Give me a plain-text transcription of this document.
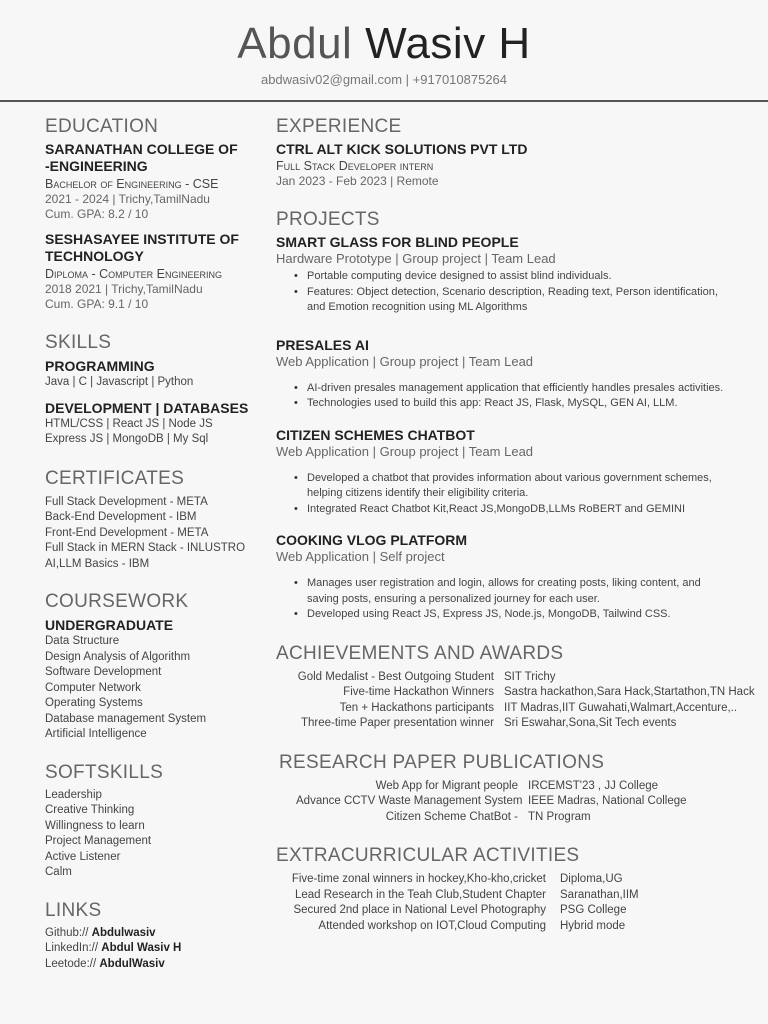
Abdul Wasiv H
abdwasiv02@gmail.com | +917010875264
EDUCATION
SARANATHAN COLLEGE OF
-ENGINEERING
Bachelor of Engineering - CSE
2021 - 2024 | Trichy,TamilNadu
Cum. GPA: 8.2 / 10
SESHASAYEE INSTITUTE OF
TECHNOLOGY
Diploma - Computer Engineering
2018 2021 | Trichy,TamilNadu
Cum. GPA: 9.1 / 10
SKILLS
PROGRAMMING
Java | C | Javascript | Python
DEVELOPMENT | DATABASES
HTML/CSS | React JS | Node JS
Express JS | MongoDB | My Sql
CERTIFICATES
Full Stack Development - META
Back-End Development - IBM
Front-End Development - META
Full Stack in MERN Stack - INLUSTRO
AI,LLM Basics - IBM
COURSEWORK
UNDERGRADUATE
Data Structure
Design Analysis of Algorithm
Software Development
Computer Network
Operating Systems
Database management System
Artificial Intelligence
SOFTSKILLS
Leadership
Creative Thinking
Willingness to learn
Project Management
Active Listener
Calm
LINKS
Github:// Abdulwasiv
LinkedIn:// Abdul Wasiv H
Leetode:// AbdulWasiv
EXPERIENCE
CTRL ALT KICK SOLUTIONS PVT LTD
Full Stack Developer intern
Jan 2023 - Feb 2023 | Remote
PROJECTS
SMART GLASS FOR BLIND PEOPLE
Hardware Prototype | Group project | Team Lead
• Portable computing device designed to assist blind individuals.
• Features: Object detection, Scenario description, Reading text, Person identification, and Emotion recognition using ML Algorithms
PRESALES AI
Web Application | Group project | Team Lead
• AI-driven presales management application that efficiently handles presales activities.
• Technologies used to build this app: React JS, Flask, MySQL, GEN AI, LLM.
CITIZEN SCHEMES CHATBOT
Web Application | Group project | Team Lead
• Developed a chatbot that provides information about various government schemes, helping citizens identify their eligibility criteria.
• Integrated React Chatbot Kit,React JS,MongoDB,LLMs RoBERT and GEMINI
COOKING VLOG PLATFORM
Web Application | Self project
• Manages user registration and login, allows for creating posts, liking content, and saving posts, ensuring a personalized journey for each user.
• Developed using React JS, Express JS, Node.js, MongoDB, Tailwind CSS.
ACHIEVEMENTS AND AWARDS
Gold Medalist - Best Outgoing Student SIT Trichy
Five-time Hackathon Winners Sastra hackathon,Sara Hack,Startathon,TN Hack
Ten + Hackathons participants IIT Madras,IIT Guwahati,Walmart,Accenture,..
Three-time Paper presentation winner Sri Eswahar,Sona,Sit Tech events
RESEARCH PAPER PUBLICATIONS
Web App for Migrant people IRCEMST'23 , JJ College
Advance CCTV Waste Management System IEEE Madras, National College
Citizen Scheme ChatBot - TN Program
EXTRACURRICULAR ACTIVITIES
Five-time zonal winners in hockey,Kho-kho,cricket Diploma,UG
Lead Research in the Teah Club,Student Chapter Saranathan,IIM
Secured 2nd place in National Level Photography PSG College
Attended workshop on IOT,Cloud Computing Hybrid mode
